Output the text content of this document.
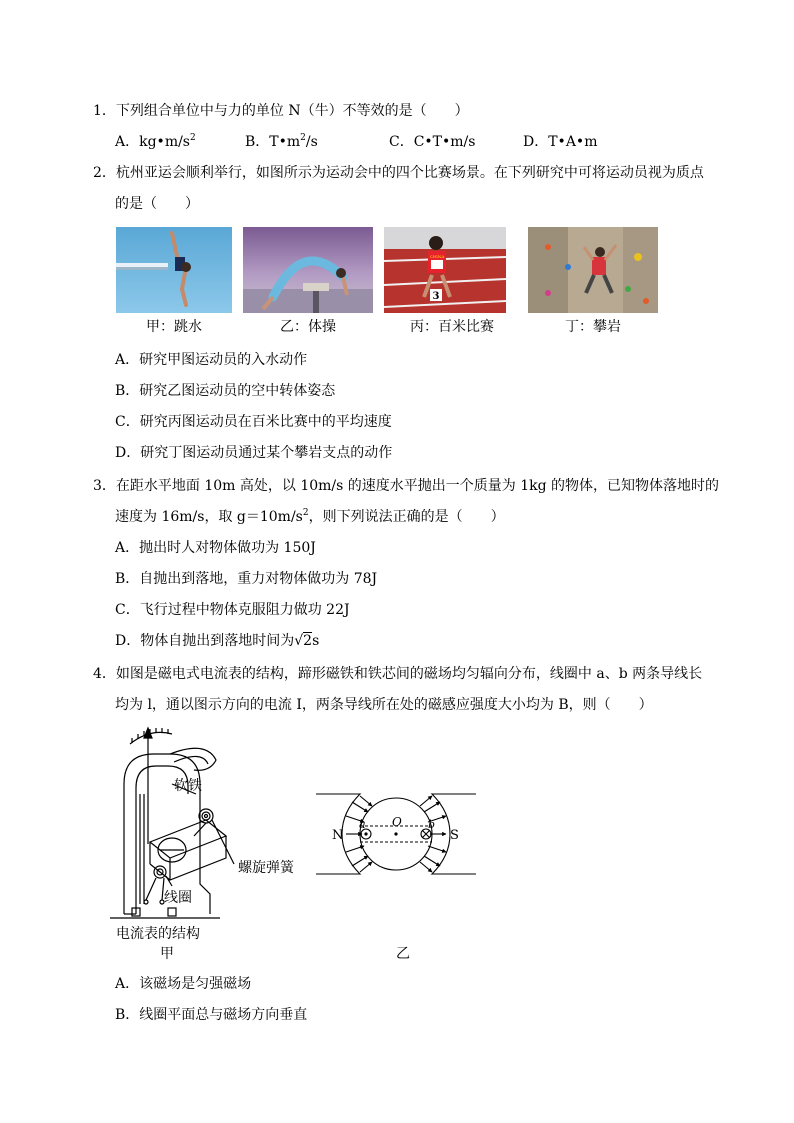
1．下列组合单位中与力的单位 N（牛）不等效的是（　　）
A．$kg•m/s^2$	B．$T•m^2/s$	C．C•T•m/s	D．T•A•m
2．杭州亚运会顺利举行，如图所示为运动会中的四个比赛场景。在下列研究中可将运动员视为质点
的是（　　）
CHINA
3
甲：跳水	乙：体操	丙：百米比赛	丁：攀岩
A．研究甲图运动员的入水动作
B．研究乙图运动员的空中转体姿态
C．研究丙图运动员在百米比赛中的平均速度
D．研究丁图运动员通过某个攀岩支点的动作
3．在距水平地面 10m 高处，以 10m/s 的速度水平抛出一个质量为 1kg 的物体，已知物体落地时的
速度为 16m/s，取 $g=10m/s^2$，则下列说法正确的是（　　）
A．抛出时人对物体做功为 150J
B．自抛出到落地，重力对物体做功为 78J
C．飞行过程中物体克服阻力做功 22J
D．物体自抛出到落地时间为√2s
4．如图是磁电式电流表的结构，蹄形磁铁和铁芯间的磁场均匀辐向分布，线圈中 a、b 两条导线长
均为 l，通以图示方向的电流 I，两条导线所在处的磁感应强度大小均为 B，则（　　）
软铁
螺旋弹簧
线圈
电流表的结构
甲
N	S
O
a	b
乙
A．该磁场是匀强磁场
B．线圈平面总与磁场方向垂直
